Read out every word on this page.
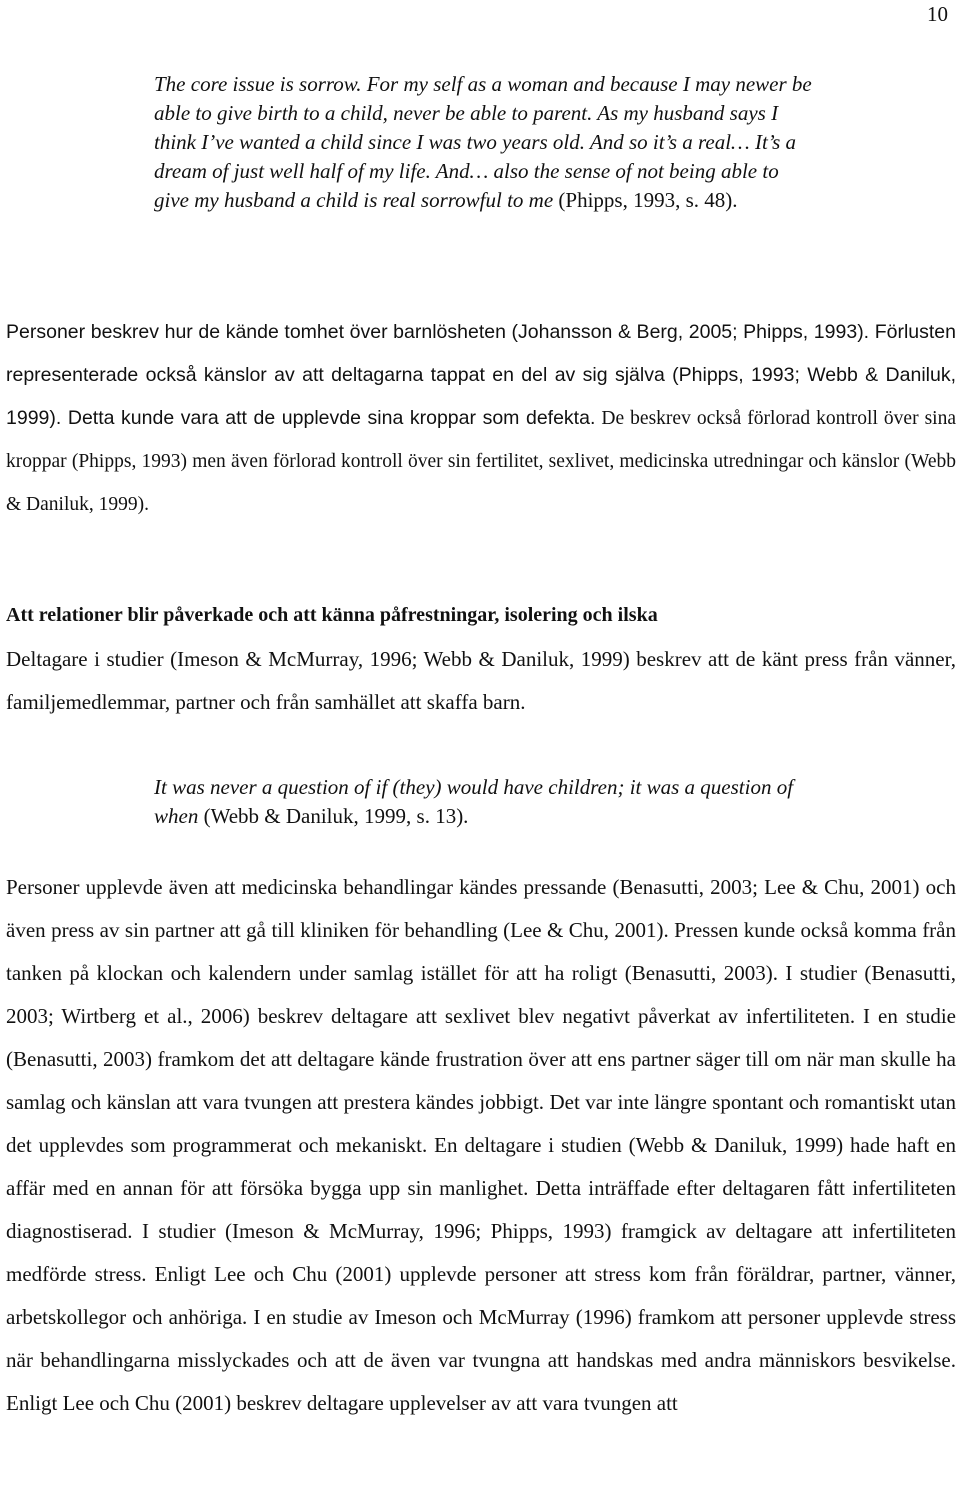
10

The core issue is sorrow. For my self as a woman and because I may newer be able to give birth to a child, never be able to parent. As my husband says I think I’ve wanted a child since I was two years old. And so it’s a real… It’s a dream of just well half of my life. And… also the sense of not being able to give my husband a child is real sorrowful to me (Phipps, 1993, s. 48).

Personer beskrev hur de kände tomhet över barnlösheten (Johansson & Berg, 2005; Phipps, 1993). Förlusten representerade också känslor av att deltagarna tappat en del av sig själva (Phipps, 1993; Webb & Daniluk, 1999). Detta kunde vara att de upplevde sina kroppar som defekta. De beskrev också förlorad kontroll över sina kroppar (Phipps, 1993) men även förlorad kontroll över sin fertilitet, sexlivet, medicinska utredningar och känslor (Webb & Daniluk, 1999).

Att relationer blir påverkade och att känna påfrestningar, isolering och ilska

Deltagare i studier (Imeson & McMurray, 1996; Webb & Daniluk, 1999) beskrev att de känt press från vänner, familjemedlemmar, partner och från samhället att skaffa barn.

It was never a question of if (they) would have children; it was a question of when (Webb & Daniluk, 1999, s. 13).

Personer upplevde även att medicinska behandlingar kändes pressande (Benasutti, 2003; Lee & Chu, 2001) och även press av sin partner att gå till kliniken för behandling (Lee & Chu, 2001). Pressen kunde också komma från tanken på klockan och kalendern under samlag istället för att ha roligt (Benasutti, 2003). I studier (Benasutti, 2003; Wirtberg et al., 2006) beskrev deltagare att sexlivet blev negativt påverkat av infertiliteten. I en studie (Benasutti, 2003) framkom det att deltagare kände frustration över att ens partner säger till om när man skulle ha samlag och känslan att vara tvungen att prestera kändes jobbigt. Det var inte längre spontant och romantiskt utan det upplevdes som programmerat och mekaniskt. En deltagare i studien (Webb & Daniluk, 1999) hade haft en affär med en annan för att försöka bygga upp sin manlighet. Detta inträffade efter deltagaren fått infertiliteten diagnostiserad. I studier (Imeson & McMurray, 1996; Phipps, 1993) framgick av deltagare att infertiliteten medförde stress. Enligt Lee och Chu (2001) upplevde personer att stress kom från föräldrar, partner, vänner, arbetskollegor och anhöriga. I en studie av Imeson och McMurray (1996) framkom att personer upplevde stress när behandlingarna misslyckades och att de även var tvungna att handskas med andra människors besvikelse. Enligt Lee och Chu (2001) beskrev deltagare upplevelser av att vara tvungen att
